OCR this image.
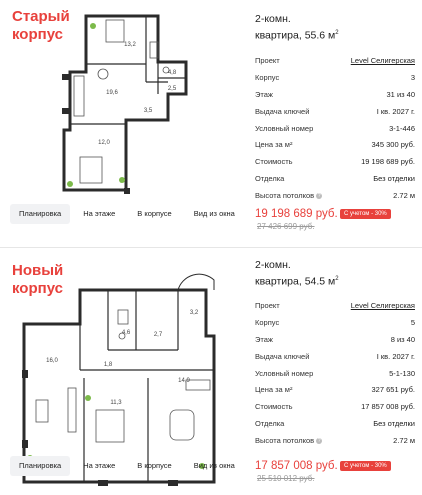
Старый
корпус
13,2
4,8
19,6
2,5
3,5
12,0
Планировка	На этаже	В корпусе	Вид из окна
2-комн.
квартира, 55.6 $м^2$
Проект	Level Селигерская
Корпус	3
Этаж	31 из 40
Выдача ключей	I кв. 2027 г.
Условный номер	3-1-446
Цена за м²	345 300 руб.
Стоимость	19 198 689 руб.
Отделка	Без отделки
Высота потолков ?	2.72 м
19 198 689 руб.	С учетом - 30%
27 426 699 руб.
Новый
корпус
3,2
4,6	2,7
1,8
16,0
14,9
11,3
Планировка	На этаже	В корпусе	Вид из окна
2-комн.
квартира, 54.5 $м^2$
Проект	Level Селигерская
Корпус	5
Этаж	8 из 40
Выдача ключей	I кв. 2027 г.
Условный номер	5-1-130
Цена за м²	327 651 руб.
Стоимость	17 857 008 руб.
Отделка	Без отделки
Высота потолков ?	2.72 м
17 857 008 руб.	С учетом - 30%
25 510 012 руб.
